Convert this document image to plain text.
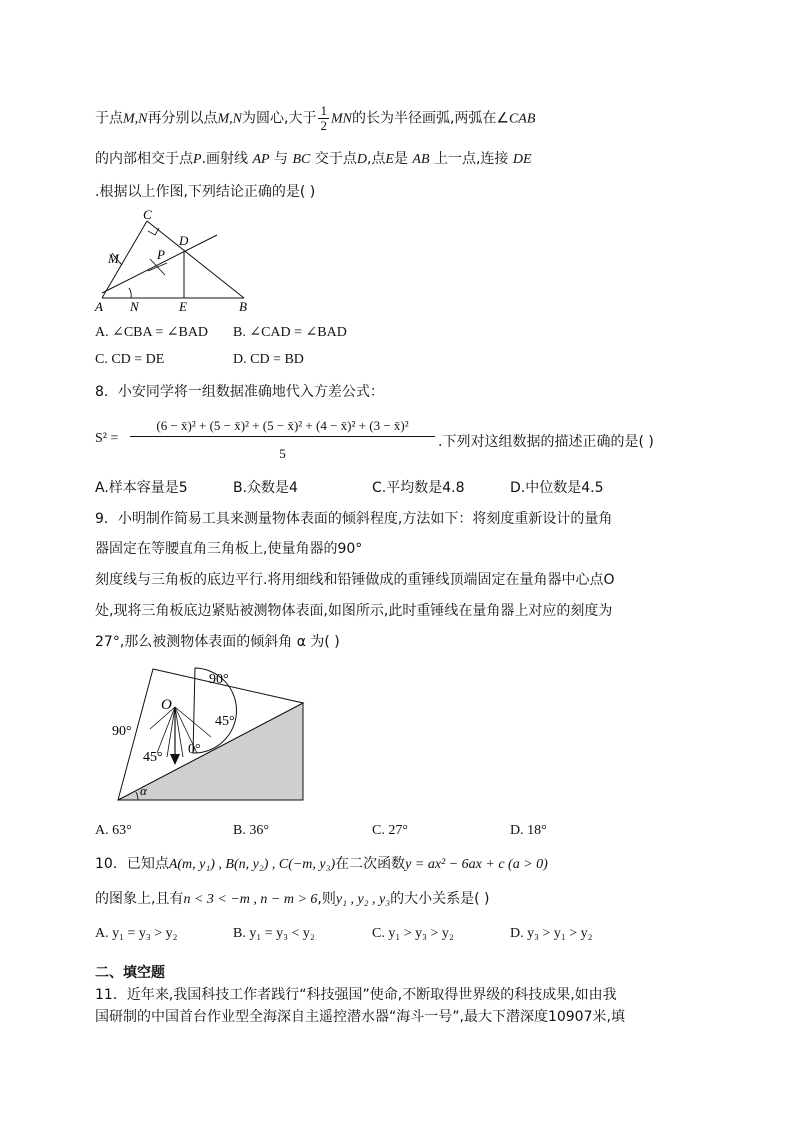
于点M,N再分别以点M,N为圆心,大于 $\frac{1}{2}$ MN的长为半径画弧,两弧在∠CAB
的内部相交于点P.画射线 AP 与 BC 交于点D,点E是 AB 上一点,连接 DE
.根据以上作图,下列结论正确的是( )
C
D
M	P
A N	E	B
A. ∠CBA = ∠BAD B. ∠CAD = ∠BAD
C. CD = DE	D. CD = BD
8．小安同学将一组数据准确地代入方差公式：
S² =
(6 − x̄)² + (5 − x̄)² + (5 − x̄)² + (4 − x̄)² + (3 − x̄)²
5
.下列对这组数据的描述正确的是( )
A.样本容量是5	B.众数是4	C.平均数是4.8	D.中位数是4.5
9．小明制作简易工具来测量物体表面的倾斜程度,方法如下：将刻度重新设计的量角
器固定在等腰直角三角板上,使量角器的90°
刻度线与三角板的底边平行.将用细线和铅锤做成的重锤线顶端固定在量角器中心点O
处,现将三角板底边紧贴被测物体表面,如图所示,此时重锤线在量角器上对应的刻度为
27°,那么被测物体表面的倾斜角 α 为( )
90°
90°
O
45°
45°
0°
α
A. 63°	B. 36°	C. 27°	D. 18°
10．已知点A(m, y₁) , B(n, y₂) , C(−m, y₃)在二次函数y = ax² − 6ax + c (a > 0)
的图象上,且有n < 3 < −m , n − m > 6,则y₁ , y₂ , y₃的大小关系是( )
A. y₁ = y₃ > y₂	B. y₁ = y₃ < y₂	C. y₁ > y₃ > y₂	D. y₃ > y₁ > y₂
二、填空题
11．近年来,我国科技工作者践行“科技强国”使命,不断取得世界级的科技成果,如由我
国研制的中国首台作业型全海深自主遥控潜水器“海斗一号”,最大下潜深度10907米,填
